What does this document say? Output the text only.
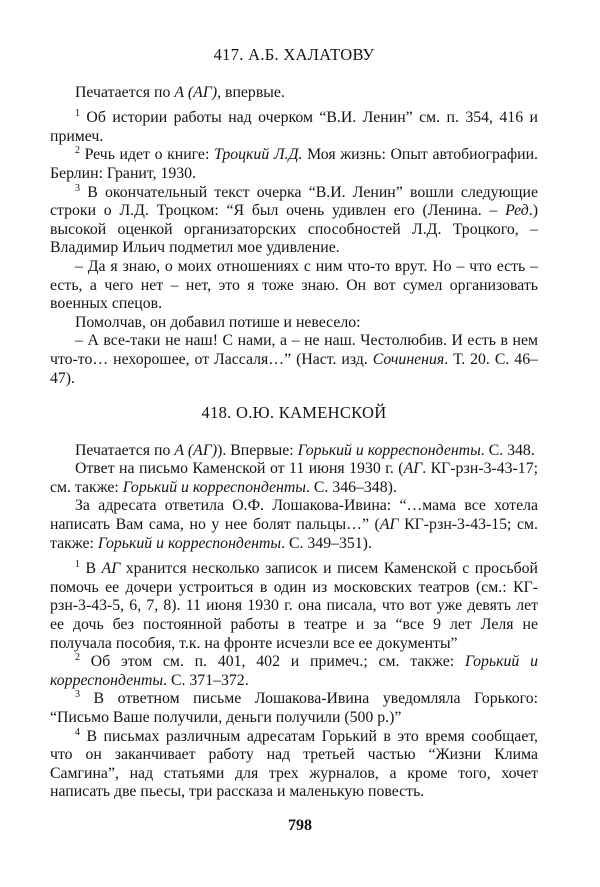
417. А.Б. ХАЛАТОВУ

Печатается по А (АГ), впервые.

$^1$ Об истории работы над очерком “В.И. Ленин” см. п. 354, 416 и примеч.

$^2$ Речь идет о книге: Троцкий Л.Д. Моя жизнь: Опыт автобиографии. Берлин: Гранит, 1930.

$^3$ В окончательный текст очерка “В.И. Ленин” вошли следующие строки о Л.Д. Троцком: “Я был очень удивлен его (Ленина. – Ред.) высокой оценкой организаторских способностей Л.Д. Троцкого, – Владимир Ильич подметил мое удивление.

– Да я знаю, о моих отношениях с ним что-то врут. Но – что есть – есть, а чего нет – нет, это я тоже знаю. Он вот сумел организовать военных спецов.

Помолчав, он добавил потише и невесело:

– А все-таки не наш! С нами, а – не наш. Честолюбив. И есть в нем что-то… нехорошее, от Лассаля…” (Наст. изд. Сочинения. Т. 20. С. 46–47).

418. О.Ю. КАМЕНСКОЙ

Печатается по А (АГ)). Впервые: Горький и корреспонденты. С. 348.

Ответ на письмо Каменской от 11 июня 1930 г. (АГ. КГ-рзн-3-43-17; см. также: Горький и корреспонденты. С. 346–348).

За адресата ответила О.Ф. Лошакова-Ивина: “…мама все хотела написать Вам сама, но у нее болят пальцы…” (АГ КГ-рзн-3-43-15; см. также: Горький и корреспонденты. С. 349–351).

$^1$ В АГ хранится несколько записок и писем Каменской с просьбой помочь ее дочери устроиться в один из московских театров (см.: КГ-рзн-3-43-5, 6, 7, 8). 11 июня 1930 г. она писала, что вот уже девять лет ее дочь без постоянной работы в театре и за “все 9 лет Леля не получала пособия, т.к. на фронте исчезли все ее документы”

$^2$ Об этом см. п. 401, 402 и примеч.; см. также: Горький и корреспонденты. С. 371–372.

$^3$ В ответном письме Лошакова-Ивина уведомляла Горького: “Письмо Ваше получили, деньги получили (500 р.)”

$^4$ В письмах различным адресатам Горький в это время сообщает, что он заканчивает работу над третьей частью “Жизни Клима Самгина”, над статьями для трех журналов, а кроме того, хочет написать две пьесы, три рассказа и маленькую повесть.

798
